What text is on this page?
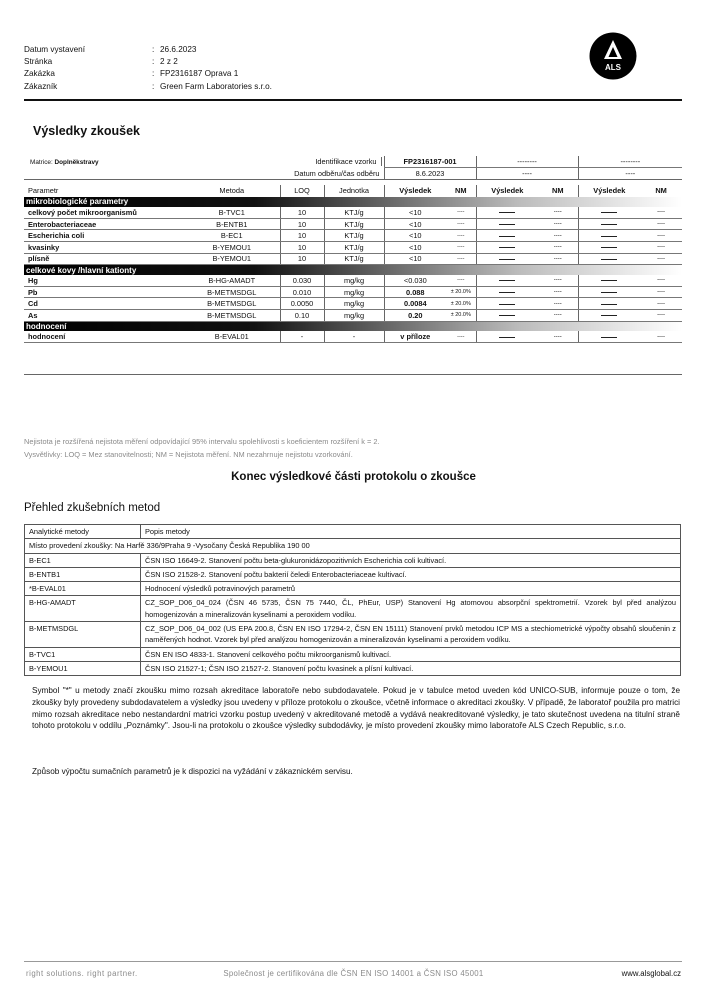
Datum vystavení	: 26.6.2023
Stránka	: 2 z 2
Zakázka	: FP2316187 Oprava 1
Zákazník	: Green Farm Laboratories s.r.o.
ALS
Výsledky zkoušek
Matrice: Doplněkstravy Identifikace vzorku				FP2316187-001		--------		--------	
Datum odběru/čas odběru				8.6.2023		----		----	

Parametr	Metoda	LOQ	Jednotka	Výsledek	NM	Výsledek	NM	Výsledek	NM
mikrobiologické parametry									
celkový počet mikroorganismů	B-TVC1	10	KTJ/g	<10	----		----		----
Enterobacteriaceae	B-ENTB1	10	KTJ/g	<10	----		----		----
Escherichia coli	B-EC1	10	KTJ/g	<10	----		----		----
kvasinky	B-YEMOU1	10	KTJ/g	<10	----		----		----
plísně	B-YEMOU1	10	KTJ/g	<10	----		----		----
celkové kovy /hlavní kationty									
Hg	B-HG-AMADT	0.030	mg/kg	<0.030	----		----		----
Pb	B-METMSDGL	0.010	mg/kg	0.088	± 20.0%		----		----
Cd	B-METMSDGL	0.0050	mg/kg	0.0084	± 20.0%		----		----
As	B-METMSDGL	0.10	mg/kg	0.20	± 20.0%		----		----
hodnocení									
hodnocení	B-EVAL01	-	-	v příloze	----		----		----
Nejistota je rozšířená nejistota měření odpovídající 95% intervalu spolehlivosti s koeficientem rozšíření k = 2.
Vysvětlivky: LOQ = Mez stanovitelnosti; NM = Nejistota měření. NM nezahrnuje nejistotu vzorkování.
Konec výsledkové části protokolu o zkoušce
Přehled zkušebních metod
Analytické metody	Popis metody
Místo provedení zkoušky: Na Harfě 336/9Praha 9 -Vysočany Česká Republika 190 00	
B-EC1	ČSN ISO 16649-2. Stanovení počtu beta-glukuronidázopozitivních Escherichia coli kultivací.
B-ENTB1	ČSN ISO 21528-2. Stanovení počtu bakterií čeledi Enterobacteriaceae kultivací.
*B-EVAL01	Hodnocení výsledků potravinových parametrů
B-HG-AMADT	CZ_SOP_D06_04_024 (ČSN 46 5735, ČSN 75 7440, ČL, PhEur, USP) Stanovení Hg atomovou absorpční spektrometrií. Vzorek byl před analýzou homogenizován a mineralizován kyselinami a peroxidem vodíku.
B-METMSDGL	CZ_SOP_D06_04_002 (US EPA 200.8, ČSN EN ISO 17294-2, ČSN EN 15111) Stanovení prvků metodou ICP MS a stechiometrické výpočty obsahů sloučenin z naměřených hodnot. Vzorek byl před analýzou homogenizován a mineralizován kyselinami a peroxidem vodíku.
B-TVC1	ČSN EN ISO 4833-1. Stanovení celkového počtu mikroorganismů kultivací.
B-YEMOU1	ČSN ISO 21527-1; ČSN ISO 21527-2. Stanovení počtu kvasinek a plísní kultivací.
Symbol "*" u metody značí zkoušku mimo rozsah akreditace laboratoře nebo subdodavatele. Pokud je v tabulce metod uveden kód UNICO-SUB, informuje pouze o tom, že zkoušky byly provedeny subdodavatelem a výsledky jsou uvedeny v příloze protokolu o zkoušce, včetně informace o akreditaci zkoušky. V případě, že laboratoř použila pro matrici mimo rozsah akreditace nebo nestandardní matrici vzorku postup uvedený v akreditované metodě a vydává neakreditované výsledky, je tato skutečnost uvedena na titulní straně tohoto protokolu v oddílu „Poznámky". Jsou-li na protokolu o zkoušce výsledky subdodávky, je místo provedení zkoušky mimo laboratoře ALS Czech Republic, s.r.o.
Způsob výpočtu sumačních parametrů je k dispozici na vyžádání v zákaznickém servisu.
right solutions. right partner.	Společnost je certifikována dle ČSN EN ISO 14001 a ČSN ISO 45001	www.alsglobal.cz
